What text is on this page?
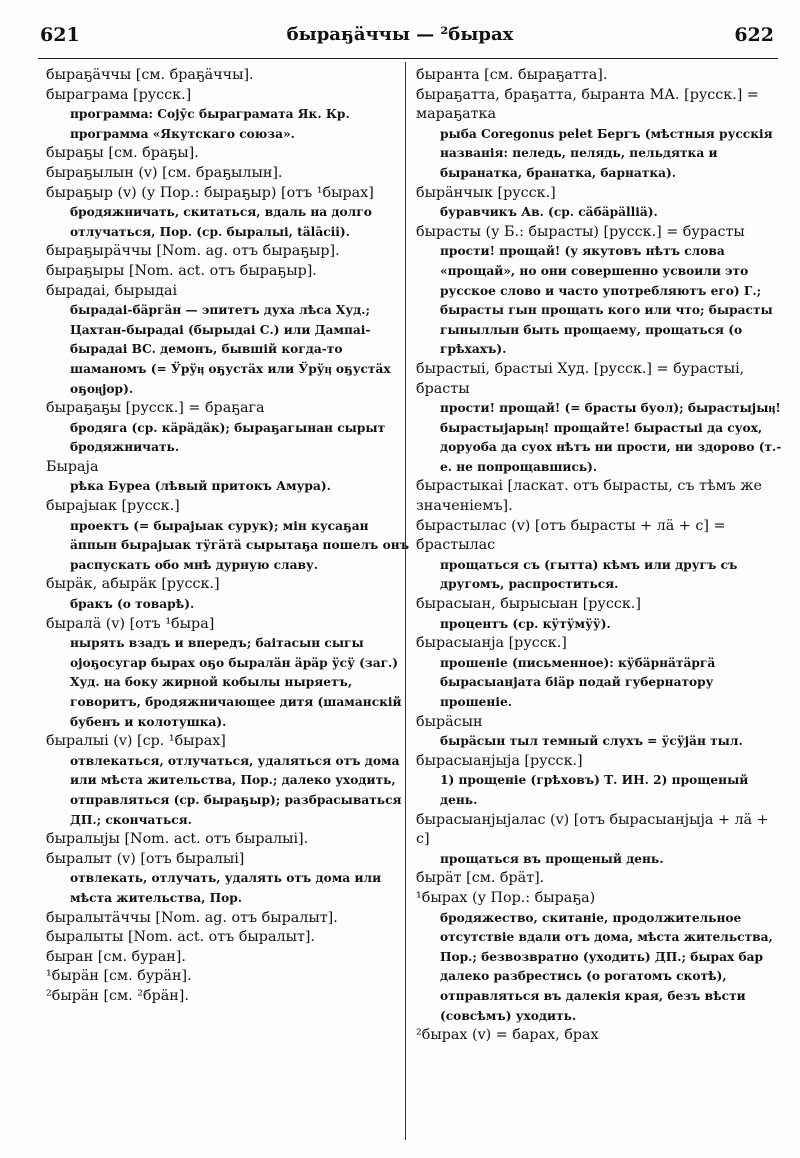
621	быраҕӓччы — ²бырах	622
быраҕӓччы [см. браҕӓччы].
быраграма [русск.]
программа: Сојӯс быраграмата Як. Кр. программа «Якутскаго союза».
быраҕы [см. браҕы].
быраҕылын (v) [см. браҕылын].
быраҕыр (v) (у Пор.: быраҕыр) [отъ ¹бырах]
бродяжничать, скитаться, вдаль на долго отлучаться, Пор. (ср. быралыі, tälācii).
быраҕырӓччы [Nom. ag. отъ быраҕыр].
быраҕыры [Nom. act. отъ быраҕыр].
бырадаі, бырыдаі
бырадаі-бӓргӓн — эпитетъ духа лѣса Худ.; Цахтан-бырадаі (бырыдаі С.) или Дампаі-бырадаі ВС. демонъ, бывшій когда-то шаманомъ (= Ӱрӱӊ оҕустӓх или Ӱрӱӊ оҕустӓх оҕоӊјор).
быраҕаҕы [русск.] = браҕага
бродяга (ср. кӓрӓдӓк); быраҕагынан сырыт бродяжничать.
Бырaja
рѣка Буреа (лѣвый притокъ Амура).
бырајыак [русск.]
проектъ (= бырајыак сурук); мін кусаҕан ӓппын бырајыак тӱгӓтӓ сырытаҕа пошелъ онъ распускать обо мнѣ дурную славу.
бырӓк, абырӓк [русск.]
бракъ (о товарѣ).
быралӓ (v) [отъ ¹быра]
нырять взадъ и впередъ; баітасын сыгы ојоҕосугар бырах оҕо быралӓн ӓрӓр ӱсӱ (заг.) Худ. на боку жирной кобылы ныряетъ, говоритъ, бродяжничающее дитя (шаманскій бубенъ и колотушка).
быралыі (v) [ср. ¹бырах]
отвлекаться, отлучаться, удаляться отъ дома или мѣста жительства, Пор.; далеко уходить, отправляться (ср. быраҕыр); разбрасываться ДП.; скончаться.
быралыјы [Nom. act. отъ быралыі].
быралыт (v) [отъ быралыі]
отвлекать, отлучать, удалять отъ дома или мѣста жительства, Пор.
быралытӓччы [Nom. ag. отъ быралыт].
быралыты [Nom. act. отъ быралыт].
быран [см. буран].
¹бырӓн [см. бурӓн].
²бырӓн [см. ²брӓн].
быранта [см. быраҕатта].
быраҕатта, браҕатта, быранта МА. [русск.] = мараҕатка
рыба Coregonus pelet Бергъ (мѣстныя русскія названія: пеледь, пелядь, пельдятка и быранатка, бранатка, барнатка).
бырӓнчык [русск.]
буравчикъ Ав. (ср. сӓбӓрӓllіӓ).
бырасты (у Б.: бырасты) [русск.] = бурасты
прости! прощай! (у якутовъ нѣтъ слова «прощай», но они совершенно усвоили это русское слово и часто употребляютъ его) Г.; бырасты гын прощать кого или что; бырасты гыныллын быть прощаему, прощаться (о грѣхахъ).
бырастыі, брастыі Худ. [русск.] = бурастыі, брасты
прости! прощай! (= брасты буол); бырастыјыӊ! бырастыјарыӊ! прощайте! бырастыі да суох, доруоба да суох нѣтъ ни прости, ни здорово (т.-е. не попрощавшись).
бырастыкаі [ласкат. отъ бырасты, съ тѣмъ же значеніемъ].
бырастылас (v) [отъ бырасты + лӓ + с] = брастылас
прощаться съ (гытта) кѣмъ или другъ съ другомъ, распроститься.
бырасыан, бырысыан [русск.]
процентъ (ср. кӱтӱмӱӱ).
бырасыанја [русск.]
прошеніе (письменное): кӱбӓрнӓтӓргӓ бырасыанјата біӓр подай губернатору прошеніе.
бырӓсын
бырӓсын тыл темный слухъ = ӱсӱјӓн тыл.
бырасыанјыја [русск.]
1) прощеніе (грѣховъ) Т. ИН. 2) прощеный день.
бырасыанјыјалас (v) [отъ бырасыанјыја + лӓ + с]
прощаться въ прощеный день.
бырӓт [см. брӓт].
¹бырах (у Пор.: быраҕа)
бродяжество, скитаніе, продолжительное отсутствіе вдали отъ дома, мѣста жительства, Пор.; безвозвратно (уходить) ДП.; бырах бар далеко разбрестись (о рогатомъ скотѣ), отправляться въ далекія края, безъ вѣсти (совсѣмъ) уходить.
²бырах (v) = барах, брах
